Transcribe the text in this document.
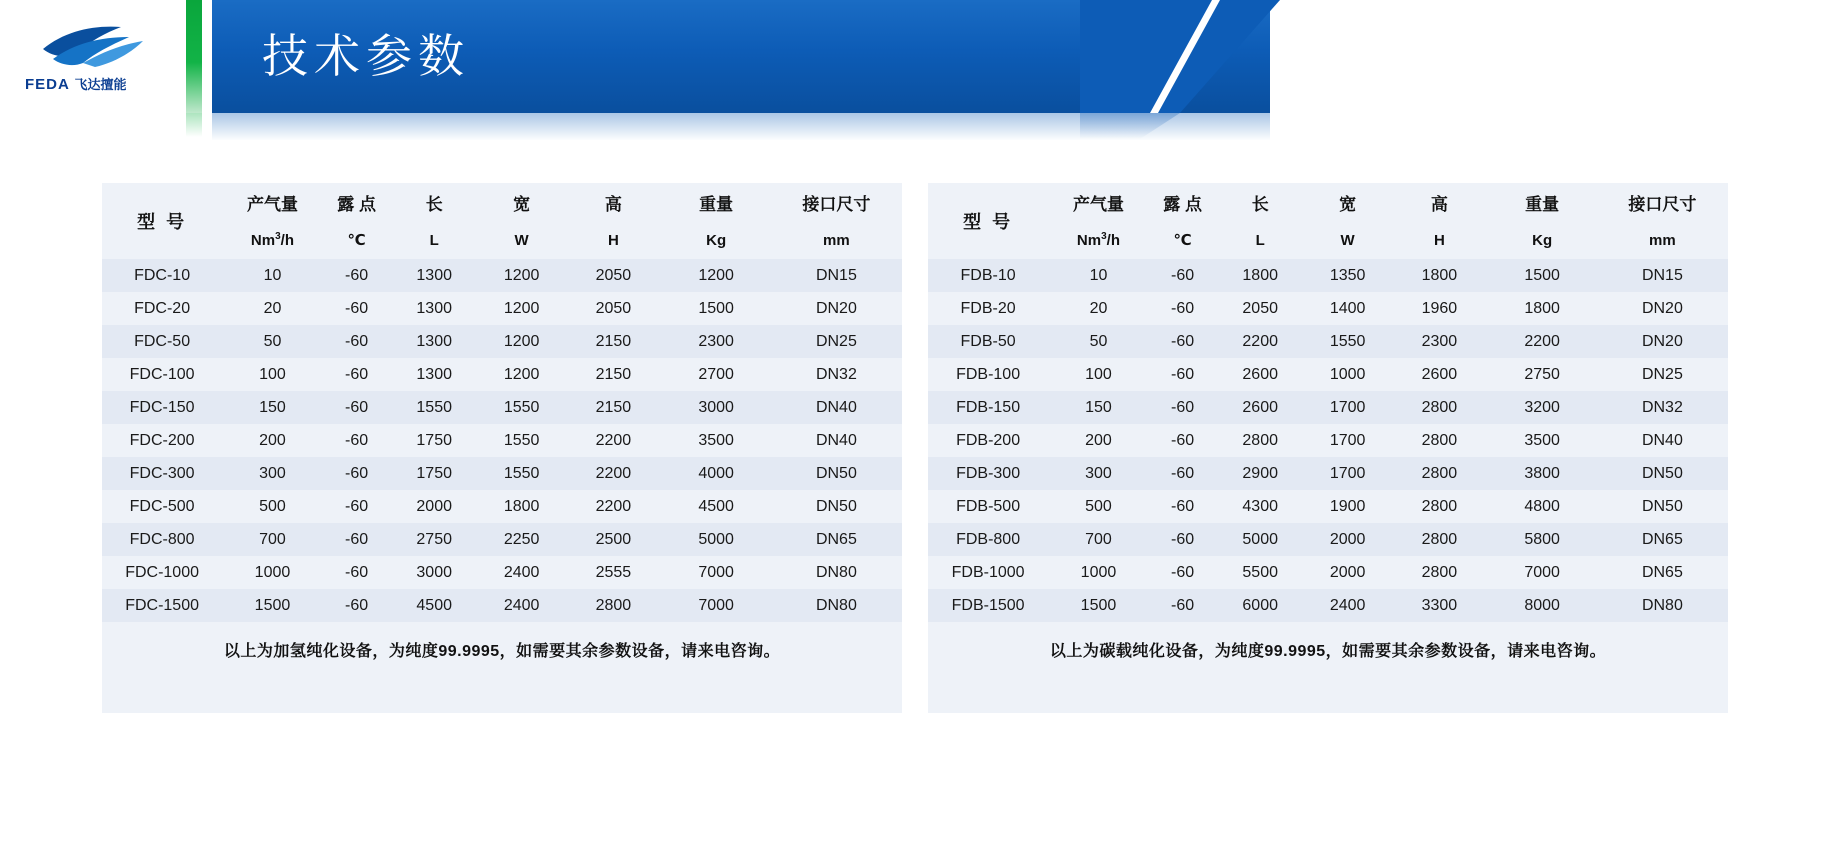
FEDA 飞达擅能
技术参数
型 号	产气量	露 点	长	宽	高	重量	接口尺寸
	Nm$^3$/h	℃	L	W	H	Kg	mm
FDC-10	10	-60	1300	1200	2050	1200	DN15
FDC-20	20	-60	1300	1200	2050	1500	DN20
FDC-50	50	-60	1300	1200	2150	2300	DN25
FDC-100	100	-60	1300	1200	2150	2700	DN32
FDC-150	150	-60	1550	1550	2150	3000	DN40
FDC-200	200	-60	1750	1550	2200	3500	DN40
FDC-300	300	-60	1750	1550	2200	4000	DN50
FDC-500	500	-60	2000	1800	2200	4500	DN50
FDC-800	700	-60	2750	2250	2500	5000	DN65
FDC-1000	1000	-60	3000	2400	2555	7000	DN80
FDC-1500	1500	-60	4500	2400	2800	7000	DN80
以上为加氢纯化设备，为纯度99.9995，如需要其余参数设备，请来电咨询。
型 号	产气量	露 点	长	宽	高	重量	接口尺寸
	Nm$^3$/h	℃	L	W	H	Kg	mm
FDB-10	10	-60	1800	1350	1800	1500	DN15
FDB-20	20	-60	2050	1400	1960	1800	DN20
FDB-50	50	-60	2200	1550	2300	2200	DN20
FDB-100	100	-60	2600	1000	2600	2750	DN25
FDB-150	150	-60	2600	1700	2800	3200	DN32
FDB-200	200	-60	2800	1700	2800	3500	DN40
FDB-300	300	-60	2900	1700	2800	3800	DN50
FDB-500	500	-60	4300	1900	2800	4800	DN50
FDB-800	700	-60	5000	2000	2800	5800	DN65
FDB-1000	1000	-60	5500	2000	2800	7000	DN65
FDB-1500	1500	-60	6000	2400	3300	8000	DN80
以上为碳载纯化设备，为纯度99.9995，如需要其余参数设备，请来电咨询。
